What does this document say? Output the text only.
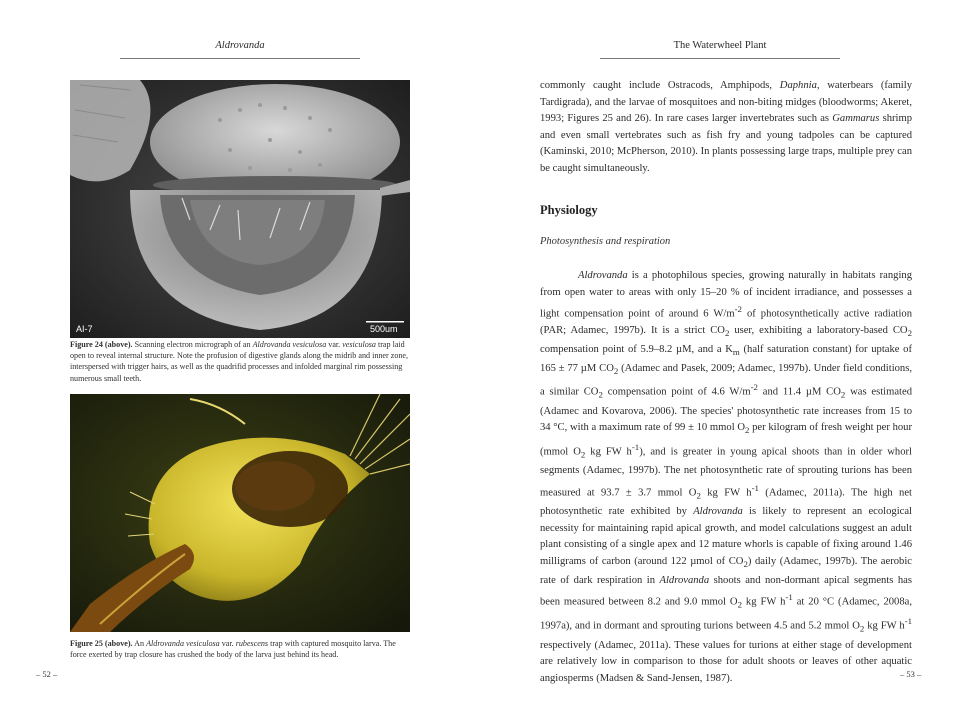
Aldrovanda
AI-7	500um
Figure 24 (above). Scanning electron micrograph of an Aldrovanda vesiculosa var. vesiculosa trap laid open to reveal internal structure. Note the profusion of digestive glands along the midrib and inner zone, interspersed with trigger hairs, as well as the quadrifid processes and infolded marginal rim possessing numerous small teeth.
Figure 25 (above). An Aldrovanda vesiculosa var. rubescens trap with captured mosquito larva. The force exerted by trap closure has crushed the body of the larva just behind its head.
– 52 –
The Waterwheel Plant
commonly caught include Ostracods, Amphipods, Daphnia, waterbears (family Tardigrada), and the larvae of mosquitoes and non-biting midges (bloodworms; Akeret, 1993; Figures 25 and 26). In rare cases larger invertebrates such as Gammarus shrimp and even small vertebrates such as fish fry and young tadpoles can be captured (Kaminski, 2010; McPherson, 2010). In plants possessing large traps, multiple prey can be caught simultaneously.
Physiology
Photosynthesis and respiration
Aldrovanda is a photophilous species, growing naturally in habitats ranging from open water to areas with only 15–20 % of incident irradiance, and possesses a light compensation point of around 6 $W/m^{-2}$ of photosynthetically active radiation (PAR; Adamec, 1997b). It is a strict $CO_2$ user, exhibiting a laboratory-based $CO_2$ compensation point of 5.9–8.2 µM, and a $K_m$ (half saturation constant) for uptake of 165 ± 77 µM $CO_2$ (Adamec and Pasek, 2009; Adamec, 1997b). Under field conditions, a similar $CO_2$ compensation point of 4.6 $W/m^{-2}$ and 11.4 µM $CO_2$ was estimated (Adamec and Kovarova, 2006). The species' photosynthetic rate increases from 15 to 34 °C, with a maximum rate of 99 ± 10 mmol $O_2$ per kilogram of fresh weight per hour (mmol $O_2$ kg FW $h^{-1}$), and is greater in young apical shoots than in older whorl segments (Adamec, 1997b). The net photosynthetic rate of sprouting turions has been measured at 93.7 ± 3.7 mmol $O_2$ kg FW $h^{-1}$ (Adamec, 2011a). The high net photosynthetic rate exhibited by Aldrovanda is likely to represent an ecological necessity for maintaining rapid apical growth, and model calculations suggest an adult plant consisting of a single apex and 12 mature whorls is capable of fixing around 1.46 milligrams of carbon (around 122 µmol of $CO_2$) daily (Adamec, 1997b). The aerobic rate of dark respiration in Aldrovanda shoots and non-dormant apical segments has been measured between 8.2 and 9.0 mmol $O_2$ kg FW $h^{-1}$ at 20 °C (Adamec, 2008a, 1997a), and in dormant and sprouting turions between 4.5 and 5.2 mmol $O_2$ kg FW $h^{-1}$ respectively (Adamec, 2011a). These values for turions at either stage of development are relatively low in comparison to those for adult shoots or leaves of other aquatic angiosperms (Madsen & Sand-Jensen, 1987).	– 53 –
